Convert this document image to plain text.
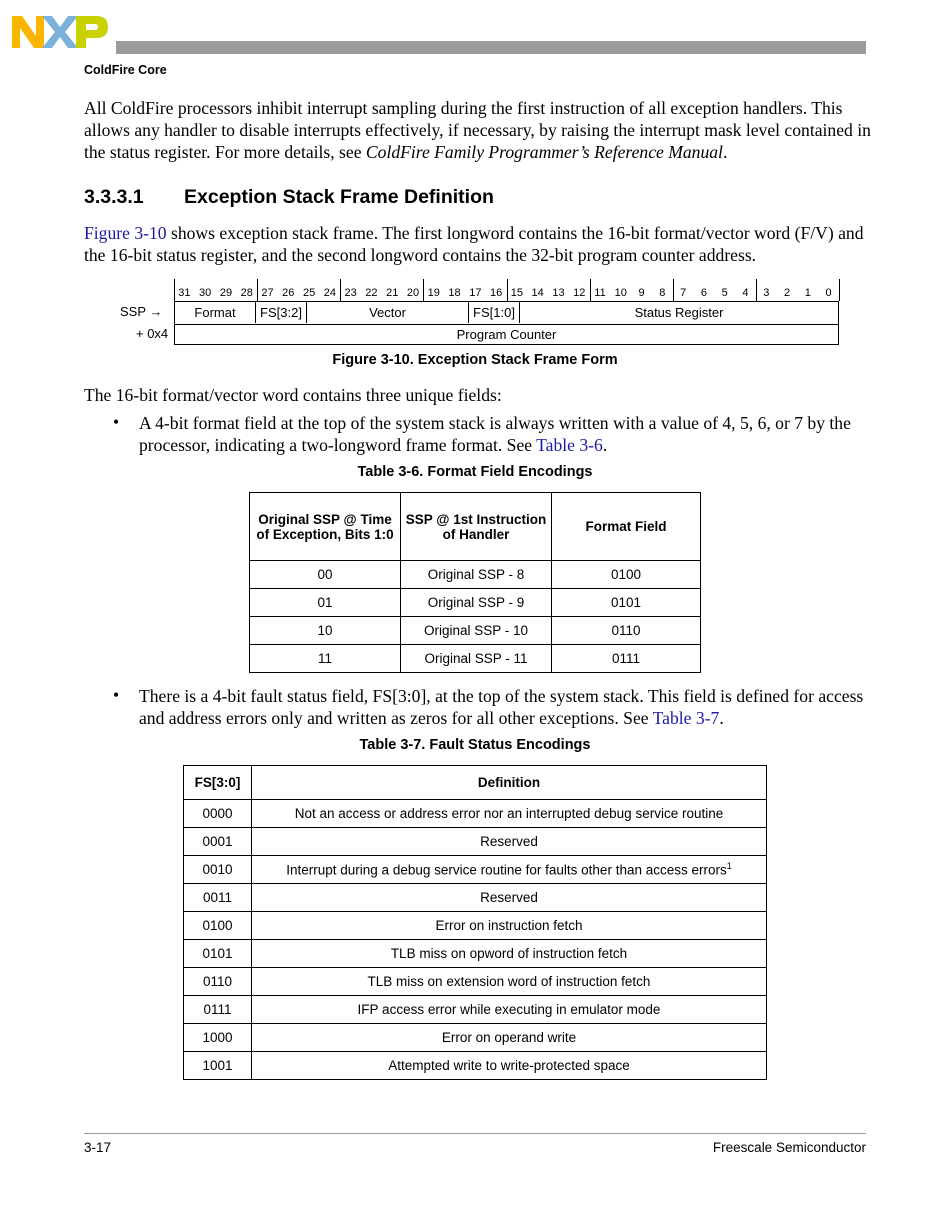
ColdFire Core
All ColdFire processors inhibit interrupt sampling during the first instruction of all exception handlers. This allows any handler to disable interrupts effectively, if necessary, by raising the interrupt mask level contained in the status register. For more details, see ColdFire Family Programmer’s Reference Manual.
3.3.3.1 Exception Stack Frame Definition
Figure 3-10 shows exception stack frame. The first longword contains the 16-bit format/vector word (F/V) and the 16-bit status register, and the second longword contains the 32-bit program counter address.
31 30 29 28 27 26 25 24 23 22 21 20 19 18 17 16 15 14 13 12 11 10 9 8 7 6 5 4 3 2 1 0
SSP →
+ 0x4
Format	FS[3:2]	Vector	FS[1:0]	Status Register
Program Counter
Figure 3-10. Exception Stack Frame Form
The 16-bit format/vector word contains three unique fields:
• A 4-bit format field at the top of the system stack is always written with a value of 4, 5, 6, or 7 by the processor, indicating a two-longword frame format. See Table 3-6.
Table 3-6. Format Field Encodings
Original SSP @ Time of Exception, Bits 1:0	SSP @ 1st Instruction of Handler	Format Field
00	Original SSP - 8	0100
01	Original SSP - 9	0101
10	Original SSP - 10	0110
11	Original SSP - 11	0111
• There is a 4-bit fault status field, FS[3:0], at the top of the system stack. This field is defined for access and address errors only and written as zeros for all other exceptions. See Table 3-7.
Table 3-7. Fault Status Encodings
FS[3:0]	Definition
0000	Not an access or address error nor an interrupted debug service routine
0001	Reserved
0010	Interrupt during a debug service routine for faults other than access errors$^1$
0011	Reserved
0100	Error on instruction fetch
0101	TLB miss on opword of instruction fetch
0110	TLB miss on extension word of instruction fetch
0111	IFP access error while executing in emulator mode
1000	Error on operand write
1001	Attempted write to write-protected space
3-17	Freescale Semiconductor
